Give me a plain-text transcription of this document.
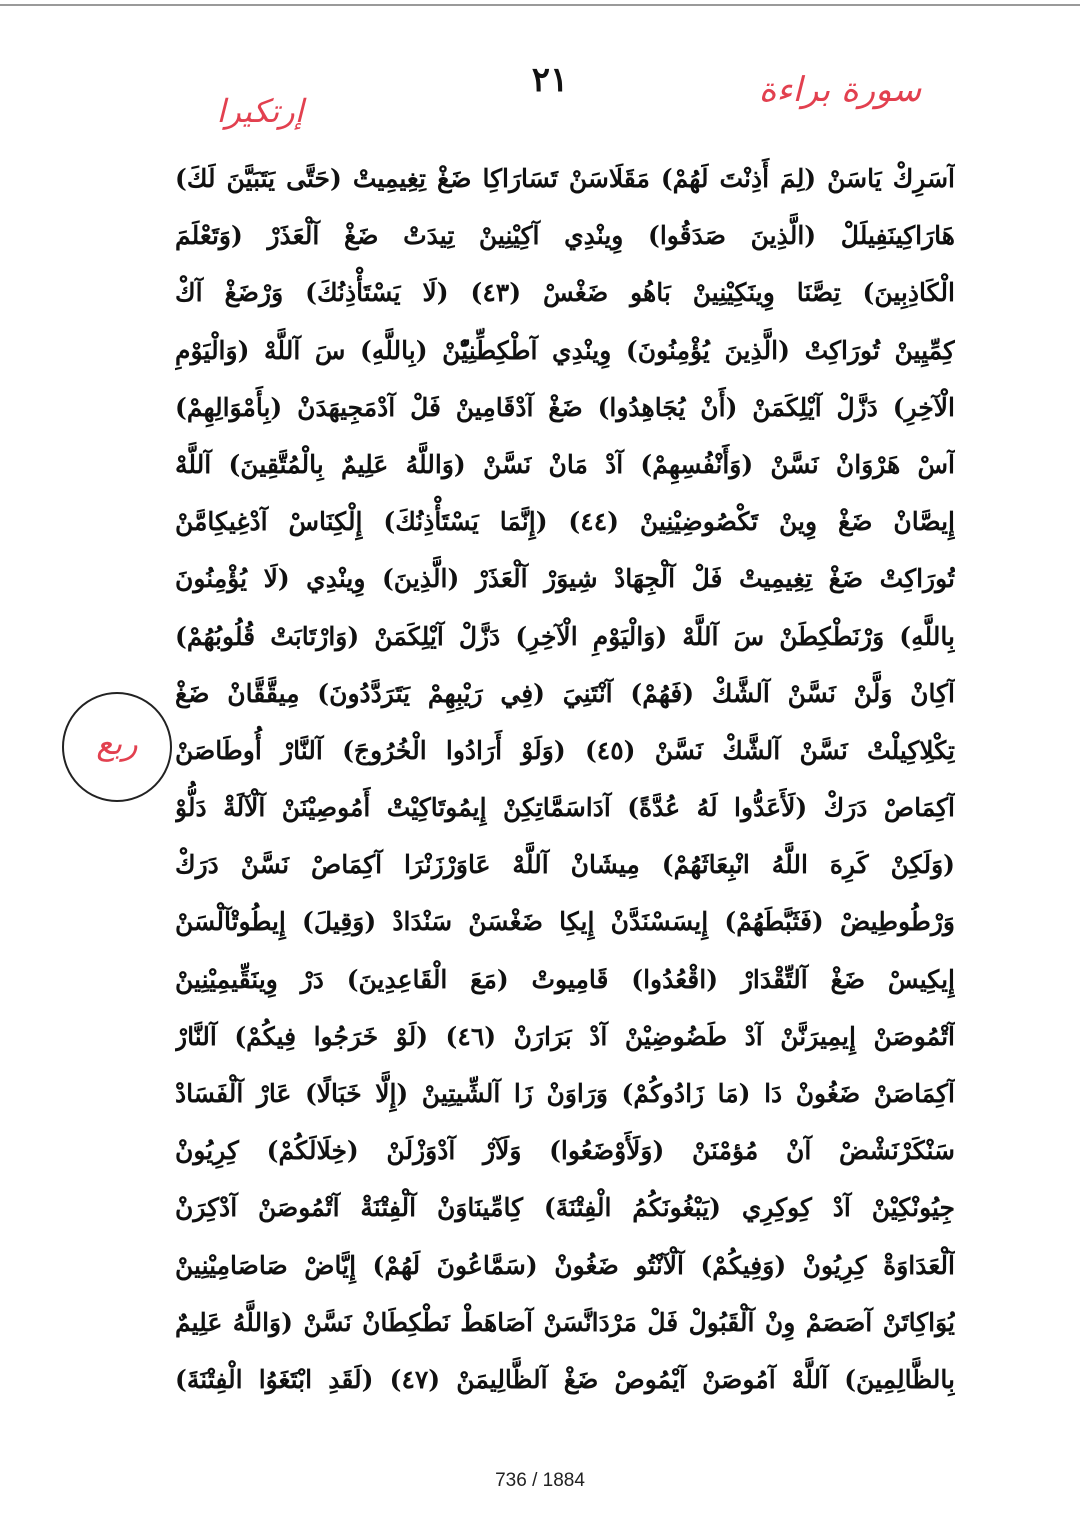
٢١	سورة براءة
إرتكيرا
آسَرِكْ يَاسَنْ (لِمَ أَذِنْتَ لَهُمْ) مَقَلَاسَنْ تَسَارَاكِا ضَغْ تِغِيمِيتْ (حَتَّى يَتَبَيَّنَ لَكَ)
هَارَاكِينَفِيلَلْ (الَّذِينَ صَدَقُوا) وِينْدِي آكِيْنِينْ تِيدَتْ ضَغْ آلْعَذَرْ (وَتَعْلَمَ
الْكَاذِبِينَ) تِصَّنَا وِينَكِيْنِينْ بَاهُو ضَغْسْ (٤٣) (لَا يَسْتَأْذِنُكَ) وَرْضَغْ آكْ
كِمِّيِينْ تُورَاكِتْ (الَّذِينَ يُؤْمِنُونَ) وِينْدِي آطْكِطِّنِيّْنْ (بِاللَّهِ) سَ آللَّهْ (وَالْيَوْمِ
الْآخِرِ) دَزَّلْ آيْلِكَمَنْ (أَنْ يُجَاهِدُوا) ضَغْ آدْقَامِينْ فَلْ آدْمَجِيهَدَنْ (بِأَمْوَالِهِمْ)
آسْ هَرْوَانْ نَسَّنْ (وَأَنْفُسِهِمْ) آدْ مَانْ نَسَّنْ (وَاللَّهُ عَلِيمٌ بِالْمُتَّقِينَ) آللَّهْ
إِيصَّانْ ضَغْ وِينْ تَكْصُوضِيْنِينْ (٤٤) (إِنَّمَا يَسْتَأْذِنُكَ) إِلْكِنَاسْ آدْغِيكِامَّنْ
تُورَاكِتْ ضَغْ تِغِيمِيتْ فَلْ آلْجِهَادْ شِيوَرْ آلْعَذَرْ (الَّذِينَ) وِينْدِي (لَا يُؤْمِنُونَ
بِاللَّهِ) وَرْنَطْكِطَنْ سَ آللَّهْ (وَالْيَوْمِ الْآخِرِ) دَزَّلْ آيْلِكَمَنْ (وَارْتَابَتْ قُلُوبُهُمْ)
آكِانْ وَلَّنْ نَسَّنْ آلشَّكْ (فَهُمْ) آنْتَنِيَ (فِي رَيْبِهِمْ يَتَرَدَّدُونَ) مِيقَّقَّانْ ضَغْ
تِكْلِاكِيلْتْ نَسَّنْ آلشَّكْ نَسَّنْ (٤٥) (وَلَوْ أَرَادُوا الْخُرُوجَ) آلنَّارْ أُوطَاصَنْ
آكِمَاصْ دَرَكْ (لَأَعَدُّوا لَهُ عُدَّةً) آدَاسَمَّاتِكِنْ إِيمُوتَاكِيْتْ أَمُوصِيْنَنْ آلْآلَةْ دَلُّوْ
(وَلَكِنْ كَرِهَ اللَّهُ انْبِعَاثَهُمْ) مِيشَانْ آللَّهْ عَاوَرْزَنْرَا آكِمَاصْ نَسَّنْ دَرَكْ
وَرْطُوطِيضْ (فَثَبَّطَهُمْ) إِيسَسْنَدَّنْ إِيكِا ضَغْسَنْ سَنْدَادْ (وَقِيلَ) إِيطُوتْآلْسَنْ
إِيكِيسْ ضَغْ آلتِّقْدَارْ (اقْعُدُوا) قَامِيوتْ (مَعَ الْقَاعِدِينَ) دَرْ وِينَقِّيمِيْنِينْ
آتْمُوصَنْ إِيمِيرَنَّنْ آدْ طَضُوضِيْنْ آدْ بَرَارَنْ (٤٦) (لَوْ خَرَجُوا فِيكُمْ) آلنَّارْ
آكِمَاصَنْ ضَغُونْ دَا (مَا زَادُوكُمْ) وَرَاوَنْ زَا آلشِّيتِينْ (إِلَّا خَبَالًا) عَارْ آلْفَسَادْ
سَنْكَرْنَشْضْ آنْ مُؤمْنَنْ (وَلَأَوْضَعُوا) وَلَآرْ آدْوَزْلَنْ (خِلَالَكُمْ) كِرِيُونْ
جِيُونْكِيْنْ آدْ كِوكِرِي (يَبْغُونَكُمُ الْفِتْنَةَ) كِامِّينَاوَنْ آلْفِتْنَةْ آتْمُوصَنْ آدْكِرَنْ
آلْعَدَاوَةْ كِرِيُونْ (وَفِيكُمْ) آلْآنْتُو ضَغُونْ (سَمَّاعُونَ لَهُمْ) إِيَّاضْ صَاصَامِيْنِينْ
يُوَاكِاتَنْ آصَصَمْ وِنْ آلْقَبُولْ فَلْ مَرْدَانَّسَنْ آصَاهَطْ نَطْكِطَانْ نَسَّنْ (وَاللَّهُ عَلِيمٌ
بِالظَّالِمِينَ) آللَّهْ آمُوصَنْ آيْمُوصْ ضَغْ آلظَّالِيمَنْ (٤٧) (لَقَدِ ابْتَغَوُا الْفِتْنَةَ)
ربع
736 / 1884
